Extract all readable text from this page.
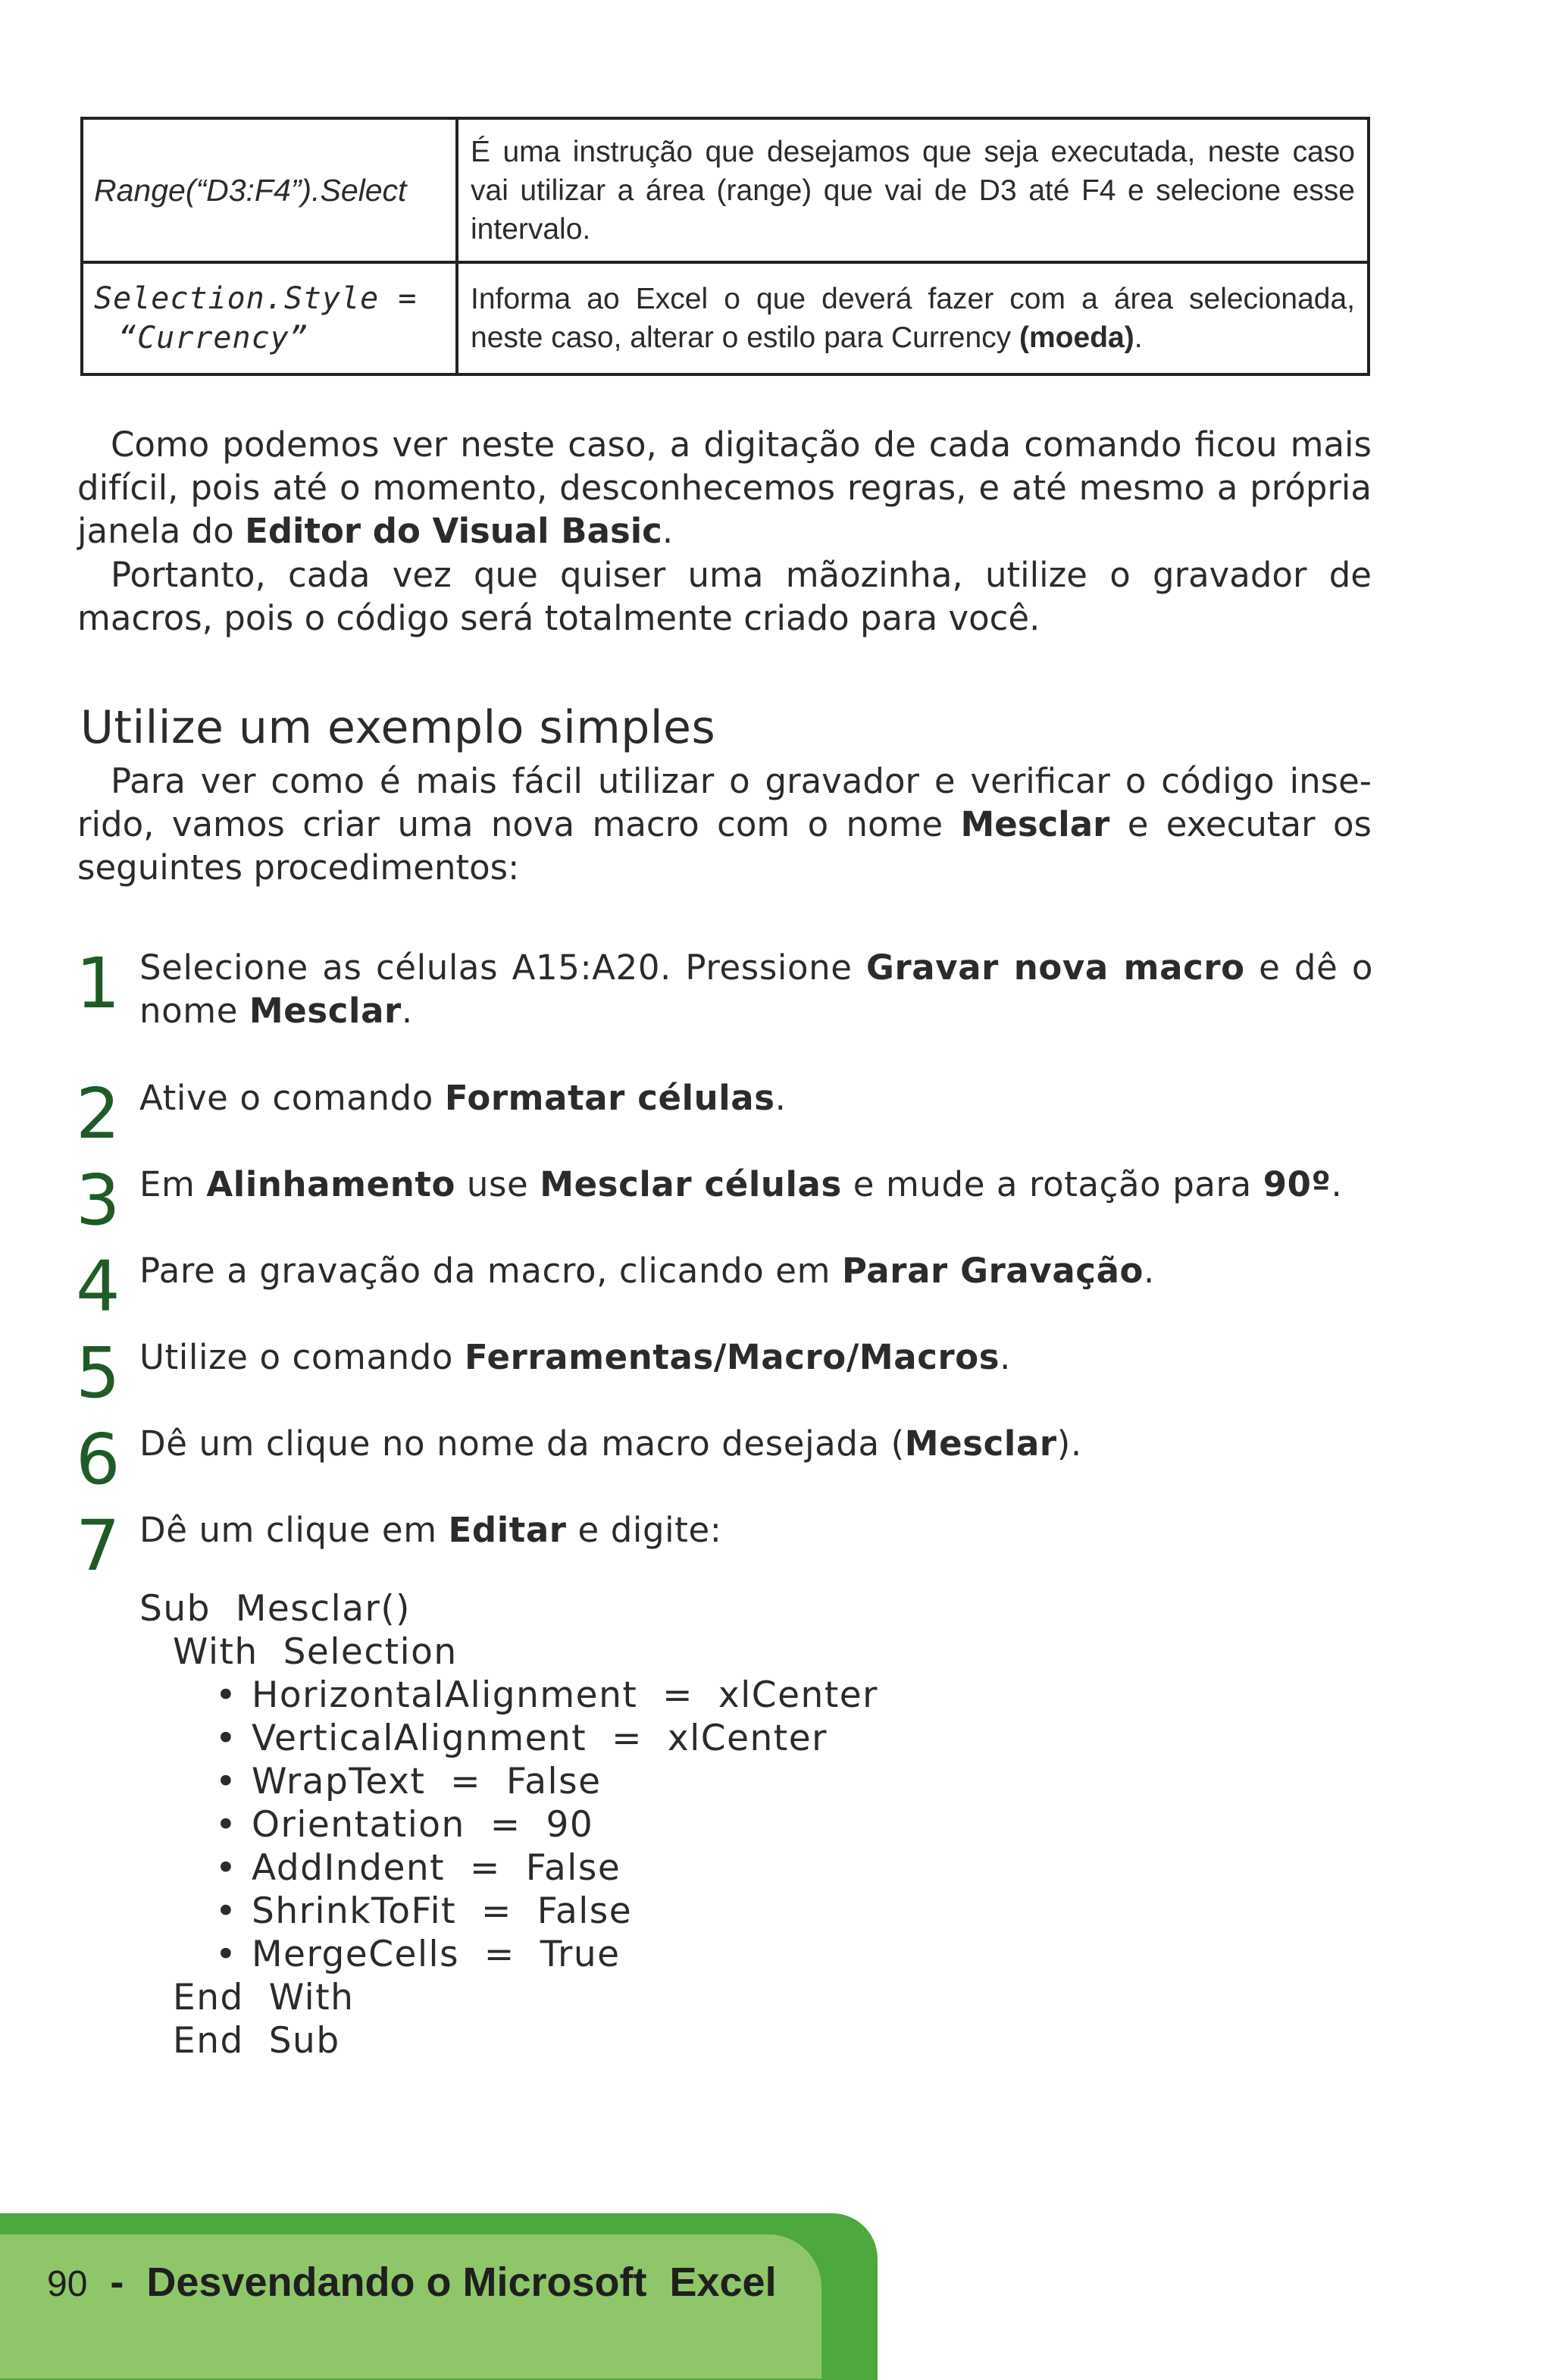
Range(“D3:F4”).Select	É uma instrução que desejamos que seja executada, neste caso vai utilizar a área (range) que vai de D3 até F4 e selecione esse intervalo.

Selection.Style =
“Currency”	Informa ao Excel o que deverá fazer com a área selecionada, neste caso, alterar o estilo para Currency (moeda).

Como podemos ver neste caso, a digitação de cada comando ficou mais difícil, pois até o momento, desconhecemos regras, e até mesmo a própria janela do Editor do Visual Basic.

Portanto, cada vez que quiser uma mãozinha, utilize o gravador de macros, pois o código será totalmente criado para você.

Utilize um exemplo simples

Para ver como é mais fácil utilizar o gravador e verificar o código inse-rido, vamos criar uma nova macro com o nome Mesclar e executar os seguintes procedimentos:

1 Selecione as células A15:A20. Pressione Gravar nova macro e dê o nome Mesclar.
2 Ative o comando Formatar células.
3 Em Alinhamento use Mesclar células e mude a rotação para 90º.
4 Pare a gravação da macro, clicando em Parar Gravação.
5 Utilize o comando Ferramentas/Macro/Macros.
6 Dê um clique no nome da macro desejada (Mesclar).
7 Dê um clique em Editar e digite:
Sub  Mesclar()
With  Selection
• HorizontalAlignment  =  xlCenter
• VerticalAlignment  =  xlCenter
• WrapText  =  False
• Orientation  =  90
• AddIndent  =  False
• ShrinkToFit  =  False
• MergeCells  =  True
End  With
End  Sub
90  -  Desvendando o Microsoft  Excel
